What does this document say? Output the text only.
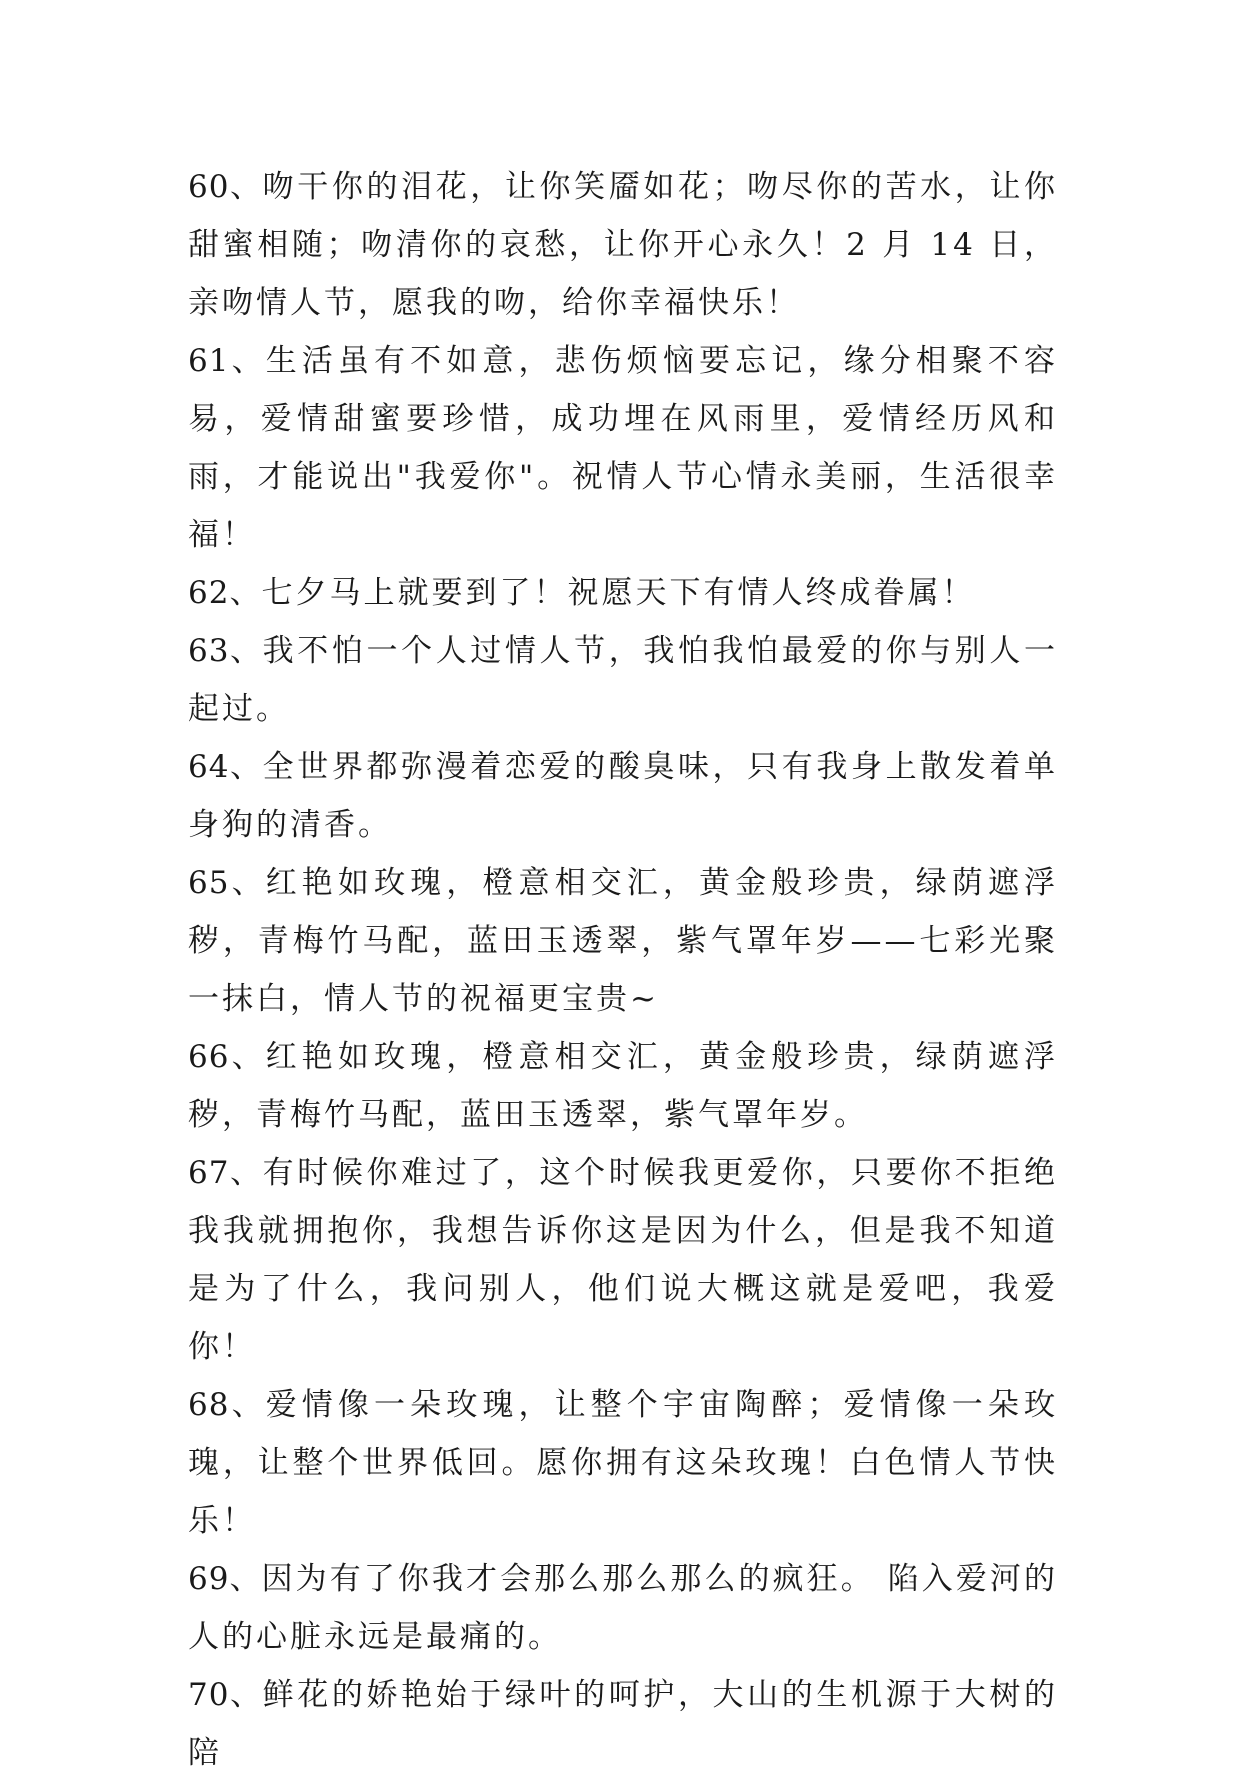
60、吻干你的泪花，让你笑靥如花；吻尽你的苦水，让你甜蜜相随；吻清你的哀愁，让你开心永久！2 月 14 日，亲吻情人节，愿我的吻，给你幸福快乐！

61、生活虽有不如意，悲伤烦恼要忘记，缘分相聚不容易，爱情甜蜜要珍惜，成功埋在风雨里，爱情经历风和雨，才能说出"我爱你"。祝情人节心情永美丽，生活很幸福！

62、七夕马上就要到了！祝愿天下有情人终成眷属！

63、我不怕一个人过情人节，我怕我怕最爱的你与别人一起过。

64、全世界都弥漫着恋爱的酸臭味，只有我身上散发着单身狗的清香。

65、红艳如玫瑰，橙意相交汇，黄金般珍贵，绿荫遮浮秽，青梅竹马配，蓝田玉透翠，紫气罩年岁——七彩光聚一抹白，情人节的祝福更宝贵~

66、红艳如玫瑰，橙意相交汇，黄金般珍贵，绿荫遮浮秽，青梅竹马配，蓝田玉透翠，紫气罩年岁。

67、有时候你难过了，这个时候我更爱你，只要你不拒绝我我就拥抱你，我想告诉你这是因为什么，但是我不知道是为了什么，我问别人，他们说大概这就是爱吧，我爱你！

68、爱情像一朵玫瑰，让整个宇宙陶醉；爱情像一朵玫瑰，让整个世界低回。愿你拥有这朵玫瑰！白色情人节快乐！

69、因为有了你我才会那么那么那么的疯狂。 陷入爱河的人的心脏永远是最痛的。

70、鲜花的娇艳始于绿叶的呵护，大山的生机源于大树的陪
